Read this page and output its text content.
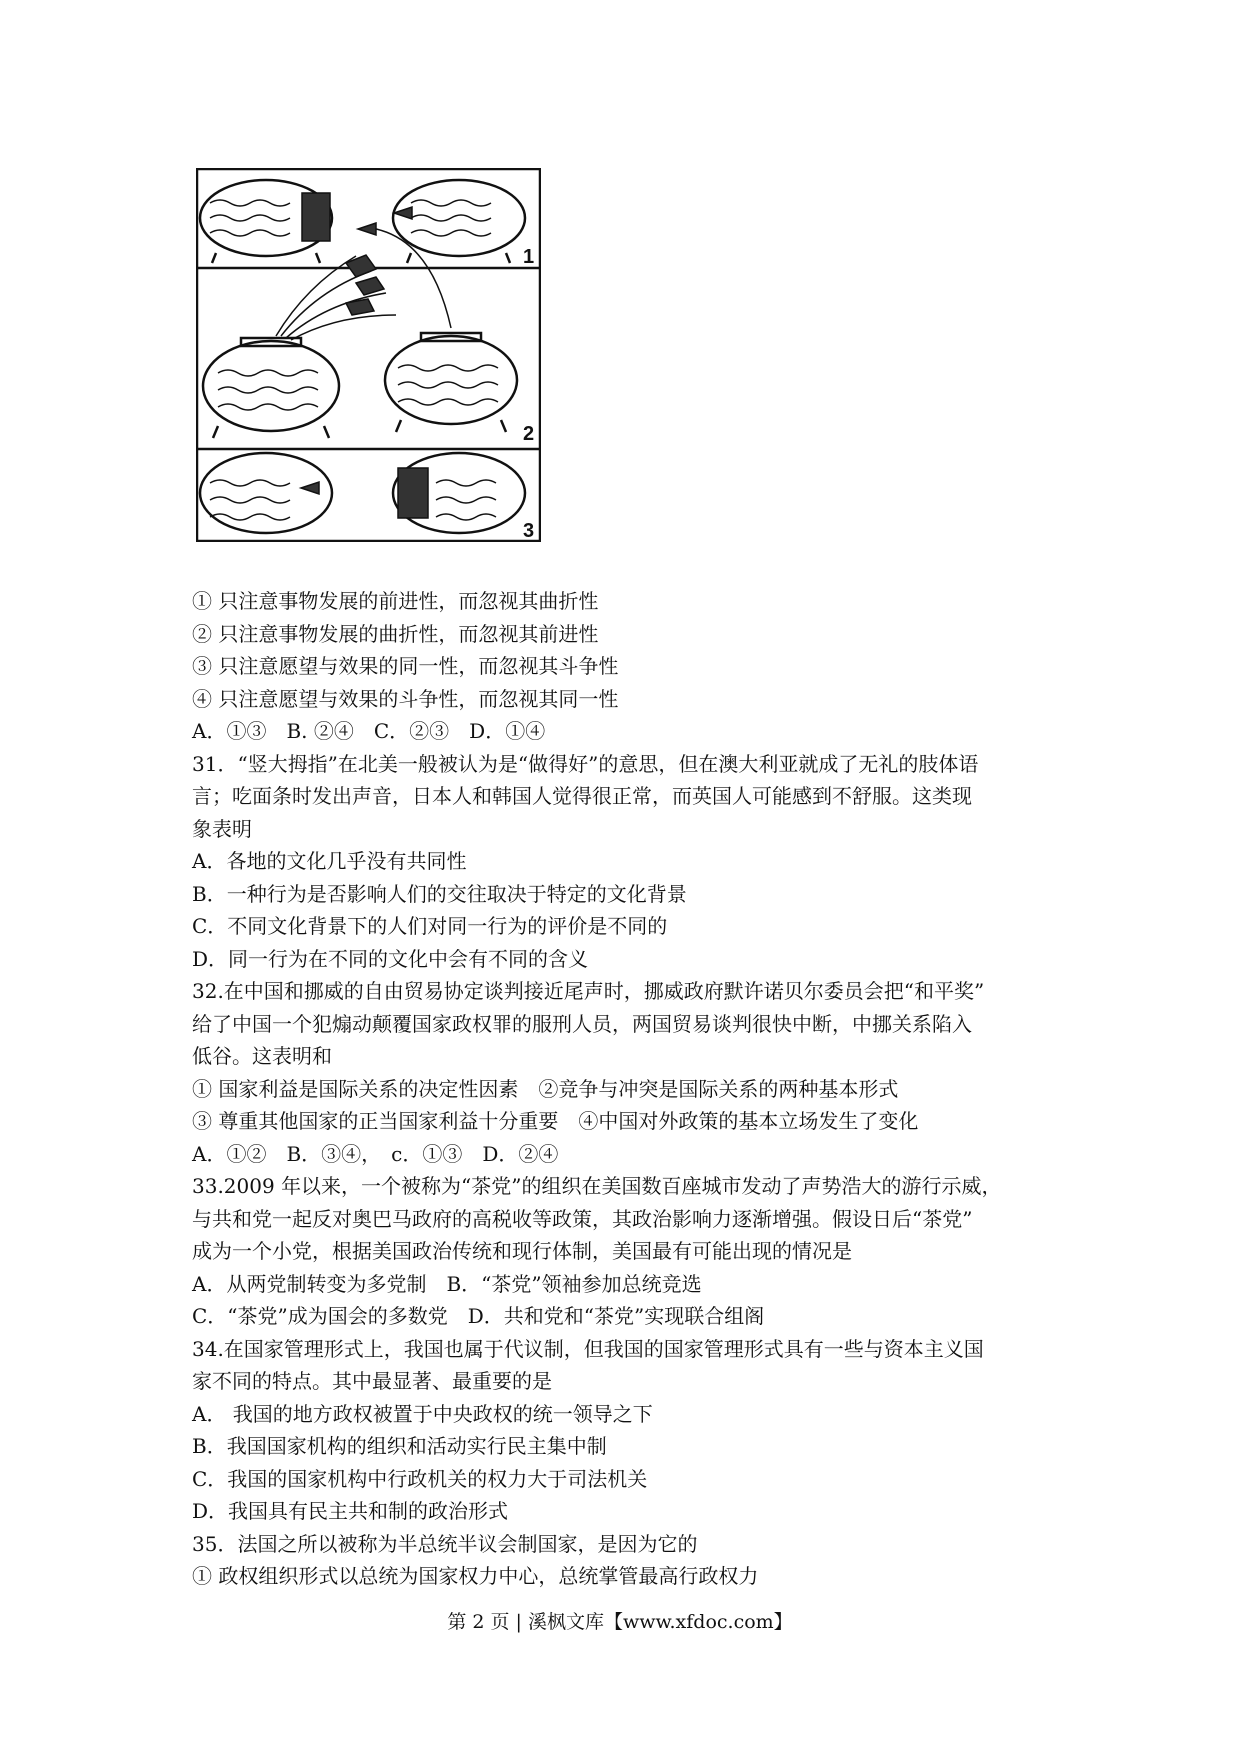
1
2
3
① 只注意事物发展的前进性，而忽视其曲折性
② 只注意事物发展的曲折性，而忽视其前进性
③ 只注意愿望与效果的同一性，而忽视其斗争性
④ 只注意愿望与效果的斗争性，而忽视其同一性
A．①③　B. ②④　C．②③　D．①④
31．“竖大拇指”在北美一般被认为是“做得好”的意思，但在澳大利亚就成了无礼的肢体语
言；吃面条时发出声音，日本人和韩国人觉得很正常，而英国人可能感到不舒服。这类现
象表明
A．各地的文化几乎没有共同性
B．一种行为是否影响人们的交往取决于特定的文化背景
C．不同文化背景下的人们对同一行为的评价是不同的
D．同一行为在不同的文化中会有不同的含义
32.在中国和挪威的自由贸易协定谈判接近尾声时，挪威政府默许诺贝尔委员会把“和平奖”
给了中国一个犯煽动颠覆国家政权罪的服刑人员，两国贸易谈判很快中断，中挪关系陷入
低谷。这表明和
① 国家利益是国际关系的决定性因素　②竞争与冲突是国际关系的两种基本形式
③ 尊重其他国家的正当国家利益十分重要　④中国对外政策的基本立场发生了变化
A．①②　B．③④，　c．①③　D．②④
33.2009 年以来，一个被称为“茶党”的组织在美国数百座城市发动了声势浩大的游行示威，
与共和党一起反对奥巴马政府的高税收等政策，其政治影响力逐渐增强。假设日后“茶党”
成为一个小党，根据美国政治传统和现行体制，美国最有可能出现的情况是
A．从两党制转变为多党制　B．“茶党”领袖参加总统竞选
C．“茶党”成为国会的多数党　D．共和党和“茶党”实现联合组阁
34.在国家管理形式上，我国也属于代议制，但我国的国家管理形式具有一些与资本主义国
家不同的特点。其中最显著、最重要的是
A． 我国的地方政权被置于中央政权的统一领导之下
B．我国国家机构的组织和活动实行民主集中制
C．我国的国家机构中行政机关的权力大于司法机关
D．我国具有民主共和制的政治形式
35．法国之所以被称为半总统半议会制国家，是因为它的
① 政权组织形式以总统为国家权力中心，总统掌管最高行政权力
第 2 页 | 溪枫文库【www.xfdoc.com】
